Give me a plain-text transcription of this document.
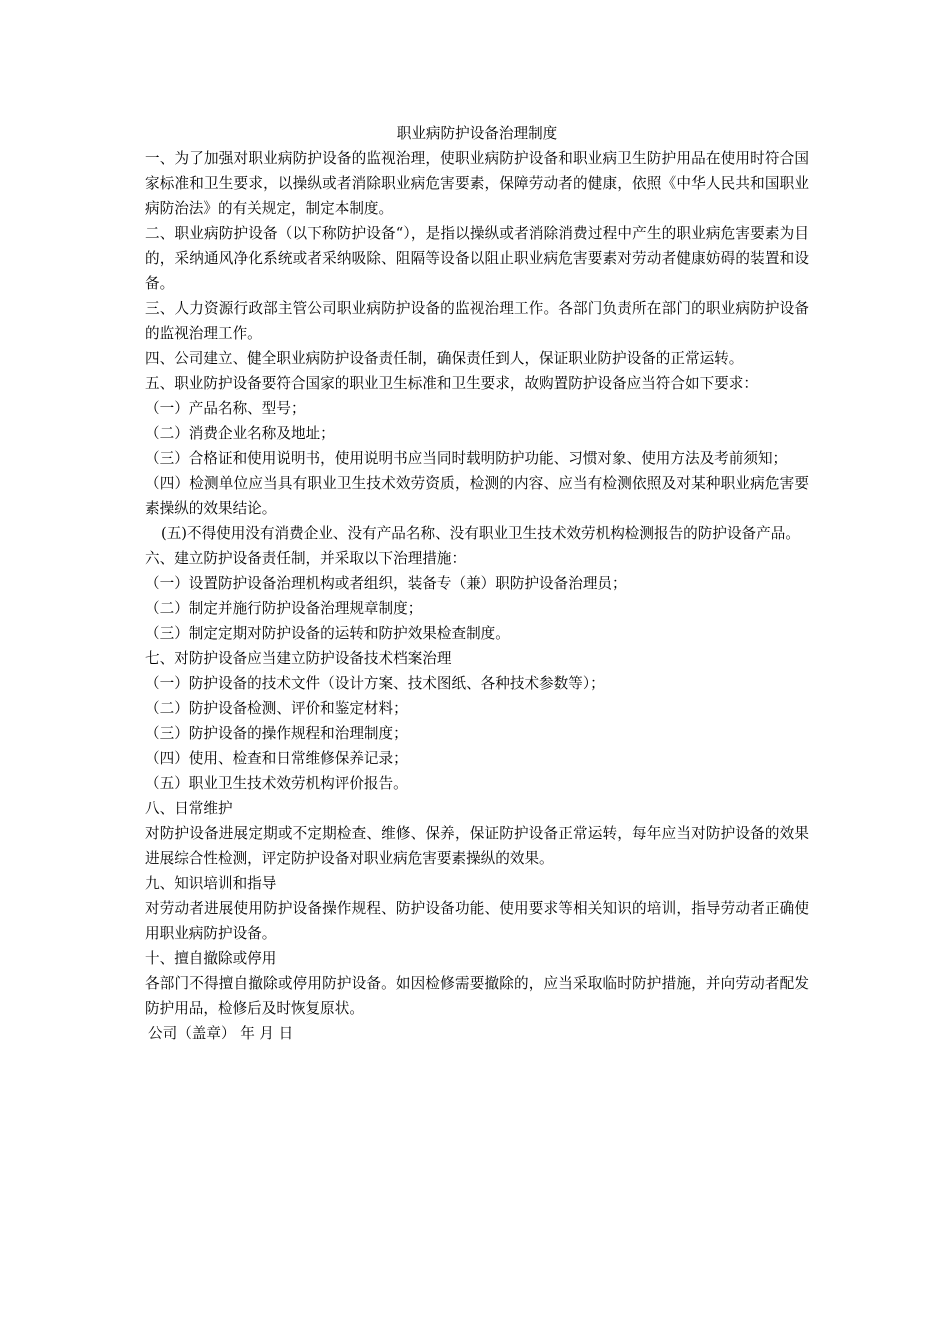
职业病防护设备治理制度

一、为了加强对职业病防护设备的监视治理，使职业病防护设备和职业病卫生防护用品在使用时符合国家标准和卫生要求，以操纵或者消除职业病危害要素，保障劳动者的健康，依照《中华人民共和国职业病防治法》的有关规定，制定本制度。

二、职业病防护设备（以下称防护设备“），是指以操纵或者消除消费过程中产生的职业病危害要素为目的，采纳通风净化系统或者采纳吸除、阻隔等设备以阻止职业病危害要素对劳动者健康妨碍的装置和设备。

三、人力资源行政部主管公司职业病防护设备的监视治理工作。各部门负责所在部门的职业病防护设备的监视治理工作。

四、公司建立、健全职业病防护设备责任制，确保责任到人，保证职业防护设备的正常运转。

五、职业防护设备要符合国家的职业卫生标准和卫生要求，故购置防护设备应当符合如下要求：

（一）产品名称、型号；

（二）消费企业名称及地址；

（三）合格证和使用说明书，使用说明书应当同时载明防护功能、习惯对象、使用方法及考前须知；

（四）检测单位应当具有职业卫生技术效劳资质，检测的内容、应当有检测依照及对某种职业病危害要素操纵的效果结论。

(五)不得使用没有消费企业、没有产品名称、没有职业卫生技术效劳机构检测报告的防护设备产品。

六、建立防护设备责任制，并采取以下治理措施：

（一）设置防护设备治理机构或者组织，装备专（兼）职防护设备治理员；

（二）制定并施行防护设备治理规章制度；

（三）制定定期对防护设备的运转和防护效果检查制度。

七、对防护设备应当建立防护设备技术档案治理

（一）防护设备的技术文件（设计方案、技术图纸、各种技术参数等）；

（二）防护设备检测、评价和鉴定材料；

（三）防护设备的操作规程和治理制度；

（四）使用、检查和日常维修保养记录；

（五）职业卫生技术效劳机构评价报告。

八、日常维护

对防护设备进展定期或不定期检查、维修、保养，保证防护设备正常运转，每年应当对防护设备的效果进展综合性检测，评定防护设备对职业病危害要素操纵的效果。

九、知识培训和指导

对劳动者进展使用防护设备操作规程、防护设备功能、使用要求等相关知识的培训，指导劳动者正确使用职业病防护设备。

十、擅自撤除或停用

各部门不得擅自撤除或停用防护设备。如因检修需要撤除的，应当采取临时防护措施，并向劳动者配发防护用品，检修后及时恢复原状。

公司（盖章） 年 月 日
